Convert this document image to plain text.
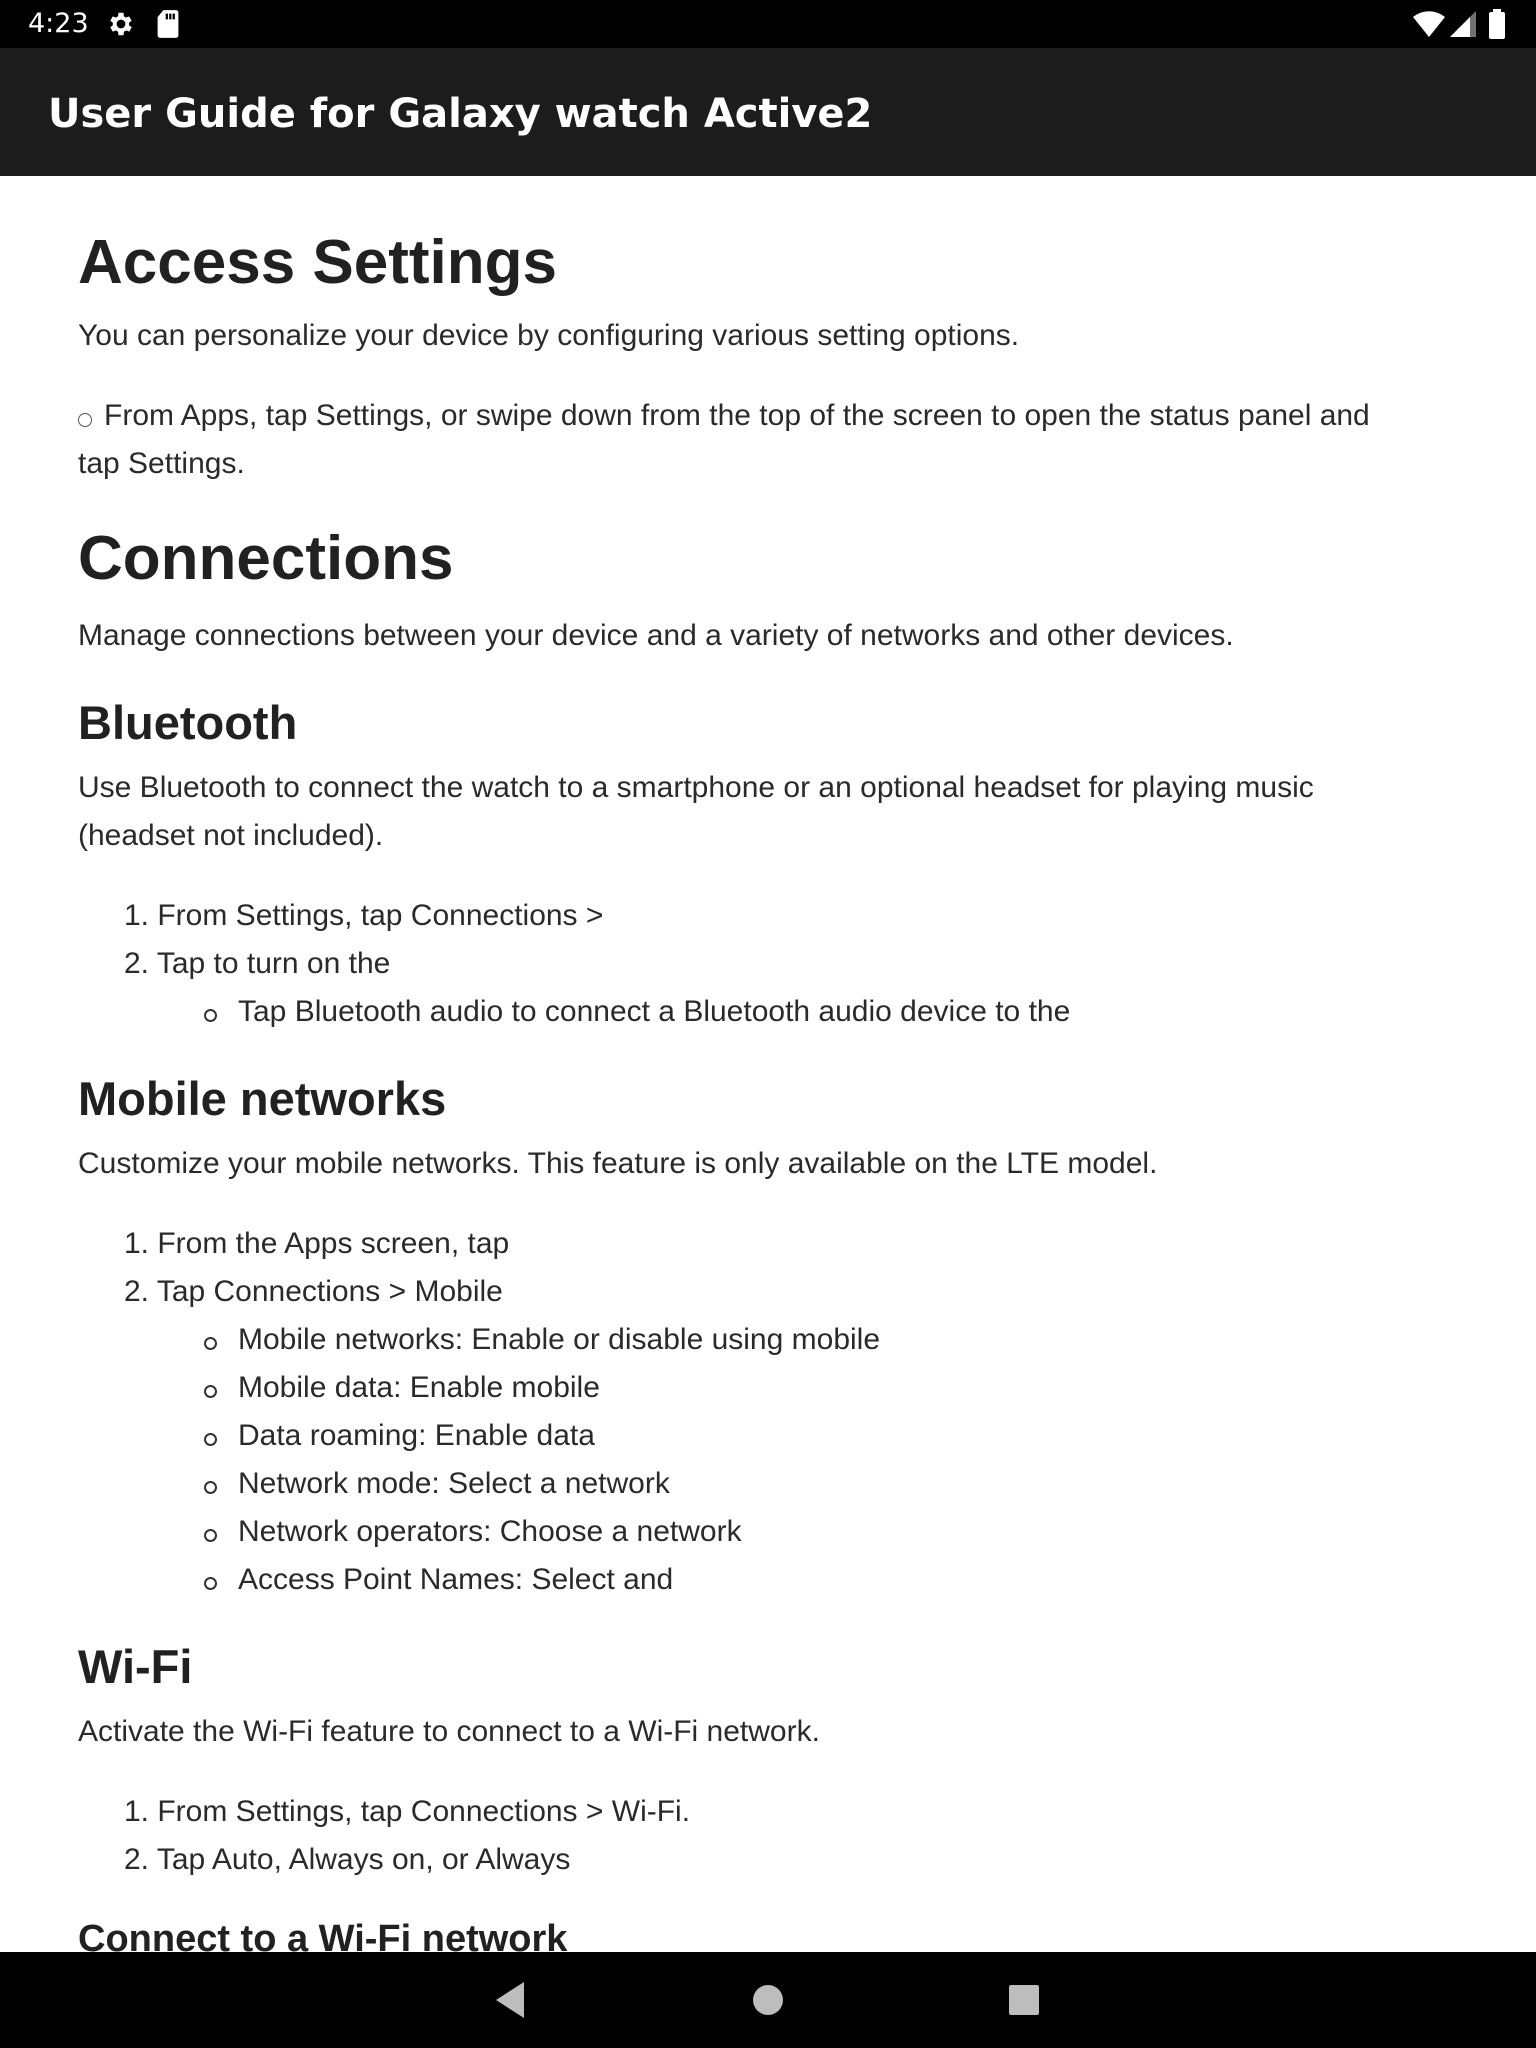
4:23
User Guide for Galaxy watch Active2
Access Settings

You can personalize your device by configuring various setting options.

From Apps, tap Settings, or swipe down from the top of the screen to open the status panel and

tap Settings.

Connections

Manage connections between your device and a variety of networks and other devices.

Bluetooth

Use Bluetooth to connect the watch to a smartphone or an optional headset for playing music

(headset not included).

1. From Settings, tap Connections >
2. Tap to turn on the
Tap Bluetooth audio to connect a Bluetooth audio device to the
Mobile networks

Customize your mobile networks. This feature is only available on the LTE model.

1. From the Apps screen, tap
2. Tap Connections > Mobile
Mobile networks: Enable or disable using mobile
Mobile data: Enable mobile
Data roaming: Enable data
Network mode: Select a network
Network operators: Choose a network
Access Point Names: Select and
Wi-Fi

Activate the Wi-Fi feature to connect to a Wi-Fi network.

1. From Settings, tap Connections > Wi-Fi.
2. Tap Auto, Always on, or Always
Connect to a Wi-Fi network
